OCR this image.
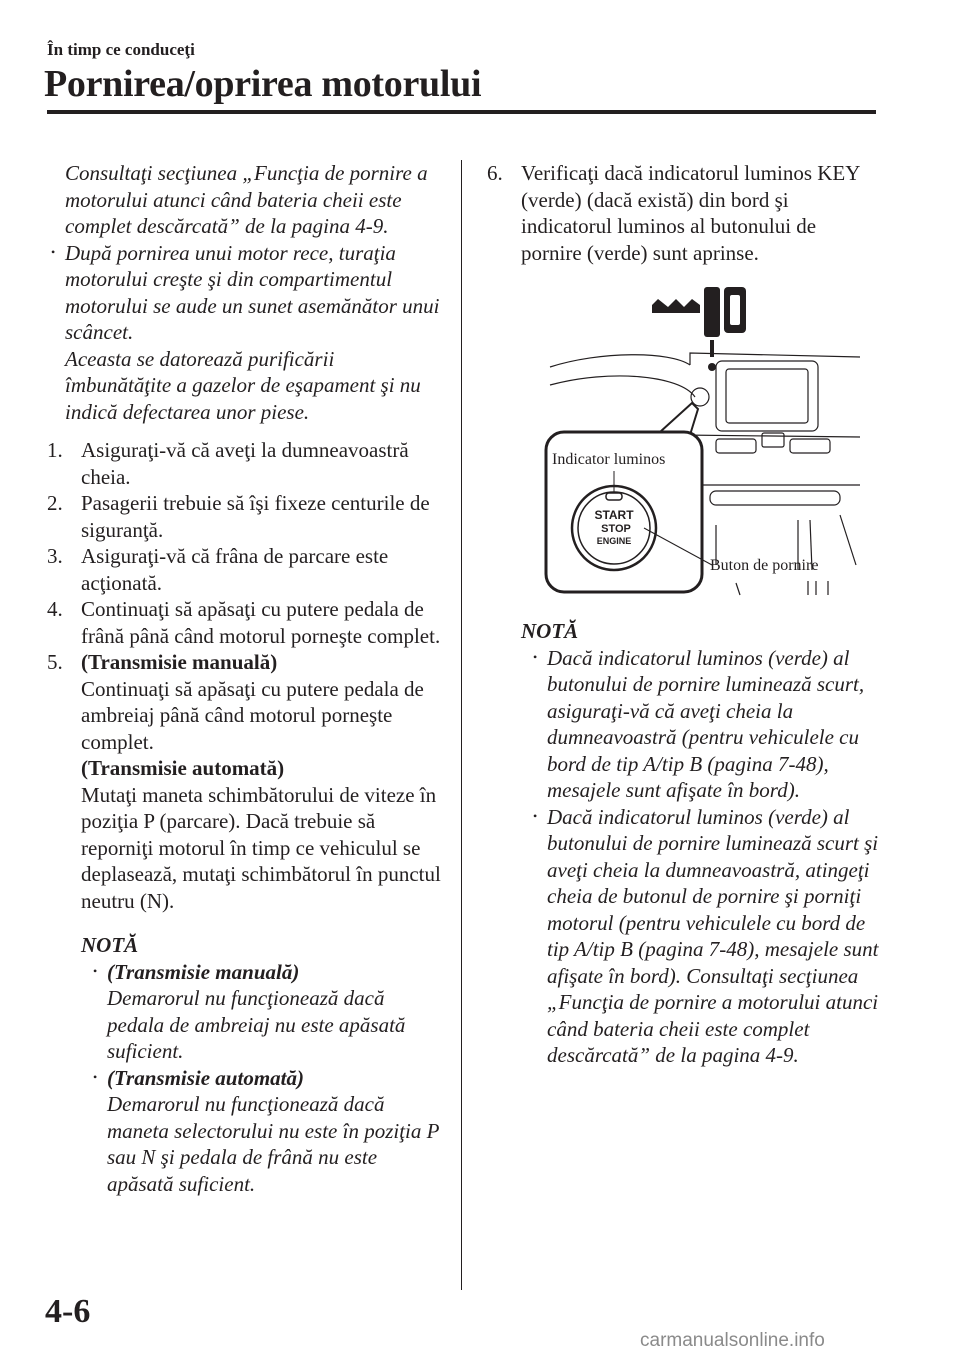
În timp ce conduceţi
Pornirea/oprirea motorului

Consultaţi secţiunea „Funcţia de pornire a motorului atunci când bateria cheii este complet descărcată” de la pagina 4-9.

• După pornirea unui motor rece, turaţia motorului creşte şi din compartimentul motorului se aude un sunet asemănător unui scâncet.

Aceasta se datorează purificării îmbunătăţite a gazelor de eşapament şi nu indică defectarea unor piese.

1. Asiguraţi-vă că aveţi la dumneavoastră cheia.

2. Pasagerii trebuie să îşi fixeze centurile de siguranţă.

3. Asiguraţi-vă că frâna de parcare este acţionată.

4. Continuaţi să apăsaţi cu putere pedala de frână până când motorul porneşte complet.

5. (Transmisie manuală)

Continuaţi să apăsaţi cu putere pedala de ambreiaj până când motorul porneşte complet.

(Transmisie automată)

Mutaţi maneta schimbătorului de viteze în poziţia P (parcare). Dacă trebuie să reporniţi motorul în timp ce vehiculul se deplasează, mutaţi schimbătorul în punctul neutru (N).

NOTĂ

• (Transmisie manuală)

Demarorul nu funcţionează dacă pedala de ambreiaj nu este apăsată suficient.

• (Transmisie automată)

Demarorul nu funcţionează dacă maneta selectorului nu este în poziţia P sau N şi pedala de frână nu este apăsată suficient.

6. Verificaţi dacă indicatorul luminos KEY (verde) (dacă există) din bord şi indicatorul luminos al butonului de pornire (verde) sunt aprinse.

START
STOP
ENGINE
Indicator luminos
Buton de pornire

NOTĂ

• Dacă indicatorul luminos (verde) al butonului de pornire luminează scurt, asiguraţi-vă că aveţi cheia la dumneavoastră (pentru vehiculele cu bord de tip A/tip B (pagina 7-48), mesajele sunt afişate în bord).

• Dacă indicatorul luminos (verde) al butonului de pornire luminează scurt şi aveţi cheia la dumneavoastră, atingeţi cheia de butonul de pornire şi porniţi motorul (pentru vehiculele cu bord de tip A/tip B (pagina 7-48), mesajele sunt afişate în bord). Consultaţi secţiunea „Funcţia de pornire a motorului atunci când bateria cheii este complet descărcată” de la pagina 4-9.

4-6
carmanualsonline.info
